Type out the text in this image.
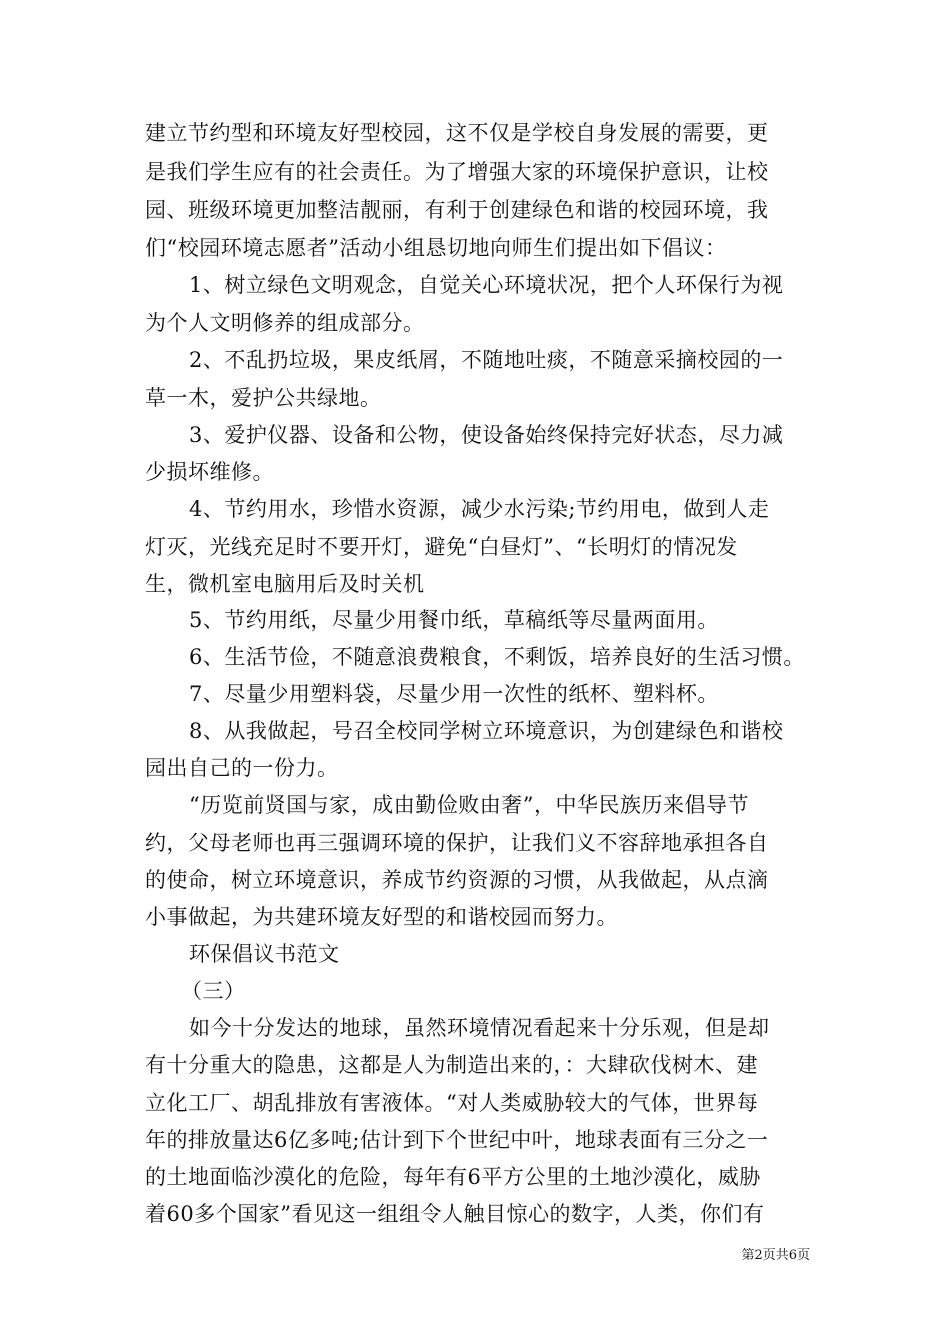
建立节约型和环境友好型校园，这不仅是学校自身发展的需要，更
是我们学生应有的社会责任。为了增强大家的环境保护意识，让校
园、班级环境更加整洁靓丽，有利于创建绿色和谐的校园环境，我
们“校园环境志愿者”活动小组恳切地向师生们提出如下倡议：
1、树立绿色文明观念，自觉关心环境状况，把个人环保行为视
为个人文明修养的组成部分。
2、不乱扔垃圾，果皮纸屑，不随地吐痰，不随意采摘校园的一
草一木，爱护公共绿地。
3、爱护仪器、设备和公物，使设备始终保持完好状态，尽力减
少损坏维修。
4、节约用水，珍惜水资源，减少水污染;节约用电，做到人走
灯灭，光线充足时不要开灯，避免“白昼灯”、“长明灯的情况发
生，微机室电脑用后及时关机
5、节约用纸，尽量少用餐巾纸，草稿纸等尽量两面用。
6、生活节俭，不随意浪费粮食，不剩饭，培养良好的生活习惯。
7、尽量少用塑料袋，尽量少用一次性的纸杯、塑料杯。
8、从我做起，号召全校同学树立环境意识，为创建绿色和谐校
园出自己的一份力。
“历览前贤国与家，成由勤俭败由奢”，中华民族历来倡导节
约，父母老师也再三强调环境的保护，让我们义不容辞地承担各自
的使命，树立环境意识，养成节约资源的习惯，从我做起，从点滴
小事做起，为共建环境友好型的和谐校园而努力。
环保倡议书范文
（三）
如今十分发达的地球，虽然环境情况看起来十分乐观，但是却
有十分重大的隐患，这都是人为制造出来的，：大肆砍伐树木、建
立化工厂、胡乱排放有害液体。“对人类威胁较大的气体，世界每
年的排放量达6亿多吨;估计到下个世纪中叶，地球表面有三分之一
的土地面临沙漠化的危险，每年有6平方公里的土地沙漠化，威胁
着60多个国家”看见这一组组令人触目惊心的数字，人类，你们有
第2页共6页
